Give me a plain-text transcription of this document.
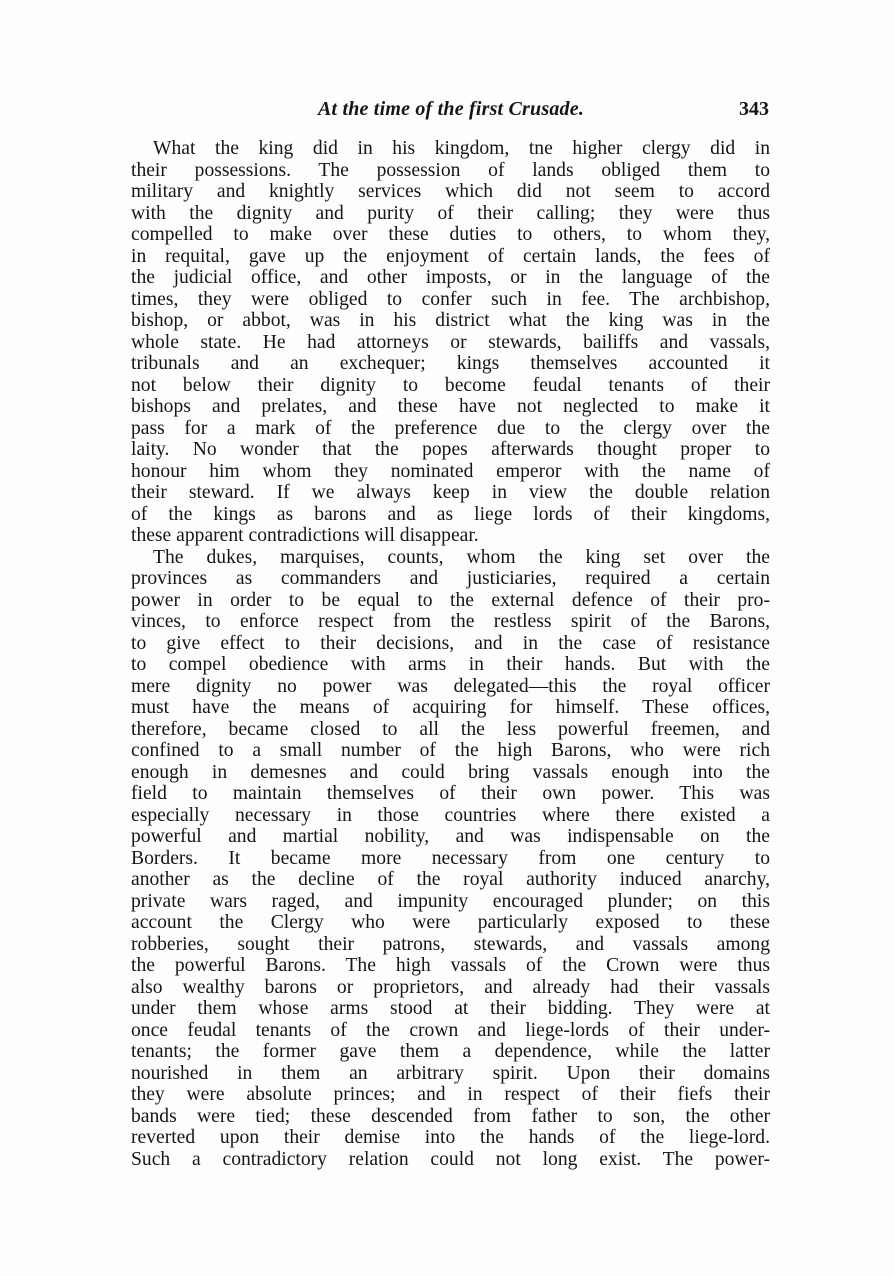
At the time of the first Crusade.	343
What the king did in his kingdom, tne higher clergy did in
their possessions. The possession of lands obliged them to
military and knightly services which did not seem to accord
with the dignity and purity of their calling; they were thus
compelled to make over these duties to others, to whom they,
in requital, gave up the enjoyment of certain lands, the fees of
the judicial office, and other imposts, or in the language of the
times, they were obliged to confer such in fee. The archbishop,
bishop, or abbot, was in his district what the king was in the
whole state. He had attorneys or stewards, bailiffs and vassals,
tribunals and an exchequer; kings themselves accounted it
not below their dignity to become feudal tenants of their
bishops and prelates, and these have not neglected to make it
pass for a mark of the preference due to the clergy over the
laity. No wonder that the popes afterwards thought proper to
honour him whom they nominated emperor with the name of
their steward. If we always keep in view the double relation
of the kings as barons and as liege lords of their kingdoms,
these apparent contradictions will disappear.
The dukes, marquises, counts, whom the king set over the
provinces as commanders and justiciaries, required a certain
power in order to be equal to the external defence of their pro-
vinces, to enforce respect from the restless spirit of the Barons,
to give effect to their decisions, and in the case of resistance
to compel obedience with arms in their hands. But with the
mere dignity no power was delegated—this the royal officer
must have the means of acquiring for himself. These offices,
therefore, became closed to all the less powerful freemen, and
confined to a small number of the high Barons, who were rich
enough in demesnes and could bring vassals enough into the
field to maintain themselves of their own power. This was
especially necessary in those countries where there existed a
powerful and martial nobility, and was indispensable on the
Borders. It became more necessary from one century to
another as the decline of the royal authority induced anarchy,
private wars raged, and impunity encouraged plunder; on this
account the Clergy who were particularly exposed to these
robberies, sought their patrons, stewards, and vassals among
the powerful Barons. The high vassals of the Crown were thus
also wealthy barons or proprietors, and already had their vassals
under them whose arms stood at their bidding. They were at
once feudal tenants of the crown and liege-lords of their under-
tenants; the former gave them a dependence, while the latter
nourished in them an arbitrary spirit. Upon their domains
they were absolute princes; and in respect of their fiefs their
bands were tied; these descended from father to son, the other
reverted upon their demise into the hands of the liege-lord.
Such a contradictory relation could not long exist. The power-
